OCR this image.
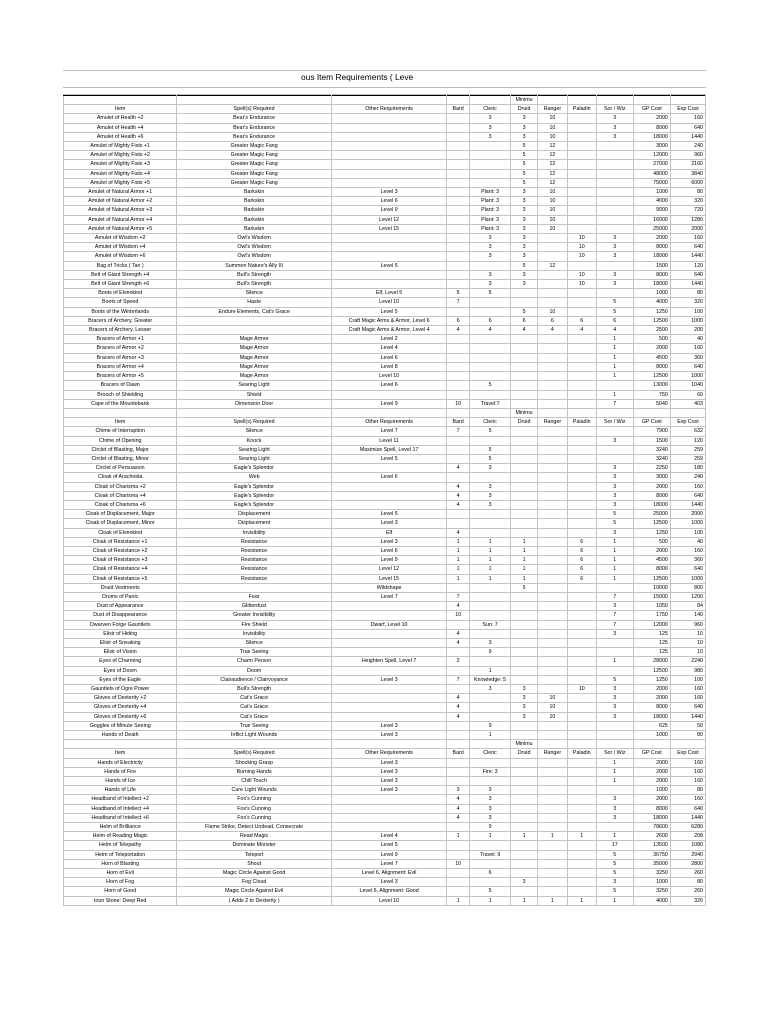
ous Item Requirements ( Leve
					Minimu					
Item	Spell(s) Required	Other Requirements	Bard	Cleric	Druid	Ranger	Paladin	Sor / Wiz	GP Cost	Exp Cost
Amulet of Health +2	Bear's Endurance			3	3	10		3	2000	160
Amulet of Health +4	Bear's Endurance			3	3	10		3	8000	640
Amulet of Health +6	Bear's Endurance			3	3	10		3	18000	1440
Amulet of Mighty Fists +1	Greater Magic Fang				5	12			3000	240
Amulet of Mighty Fists +2	Greater Magic Fang				5	12			12000	960
Amulet of Mighty Fists +3	Greater Magic Fang				5	12			27000	2160
Amulet of Mighty Fists +4	Greater Magic Fang				5	12			48000	3840
Amulet of Mighty Fists +5	Greater Magic Fang				5	12			75000	6000
Amulet of Natural Armor +1	Barkskin	Level 3		Plant: 3	3	10			1000	80
Amulet of Natural Armor +2	Barkskin	Level 6		Plant: 3	3	10			4000	320
Amulet of Natural Armor +3	Barkskin	Level 9		Plant: 3	3	10			9000	720
Amulet of Natural Armor +4	Barkskin	Level 12		Plant: 3	3	10			16000	1280
Amulet of Natural Armor +5	Barkskin	Level 15		Plant: 3	3	10			25000	2000
Amulet of Wisdom +2	Owl's Wisdom			3	3		10	3	2000	160
Amulet of Wisdom +4	Owl's Wisdom			3	3		10	3	8000	640
Amulet of Wisdom +6	Owl's Wisdom			3	3		10	3	18000	1440
Bag of Tricks ( Tan )	Summon Nature's Ally III	Level 5			5	12			1500	120
Belt of Giant Strength +4	Bull's Strength			3	3		10	3	8000	640
Belt of Giant Strength +6	Bull's Strength			3	3		10	3	18000	1440
Boots of Elvenkind	Silence	Elf, Level 5	5	5					1000	80
Boots of Speed	Haste	Level 10	7					5	4000	320
Boots of the Winterlands	Endure Elements, Cat's Grace	Level 5			5	10		5	1250	100
Bracers of Archery, Greater		Craft Magic Arms & Armor, Level 6	6	6	6	6	6	6	12500	1000
Bracers of Archery, Lesser		Craft Magic Arms & Armor, Level 4	4	4	4	4	4	4	2500	200
Bracers of Armor +1	Mage Armor	Level 2						1	500	40
Bracers of Armor +2	Mage Armor	Level 4						1	2000	160
Bracers of Armor +3	Mage Armor	Level 6						1	4500	360
Bracers of Armor +4	Mage Armor	Level 8						1	8000	640
Bracers of Armor +5	Mage Armor	Level 10						1	12500	1000
Bracers of Dawn	Searing Light	Level 6		5					13000	1040
Brooch of Shielding	Shield							1	750	60
Cape of the Mountebank	Dimension Door	Level 9	10	Travel:7				7	5040	403
					Minimu					
Item	Spell(s) Required	Other Requirements	Bard	Cleric	Druid	Ranger	Paladin	Sor / Wiz	GP Cost	Exp Cost
Chime of Interruption	Silence	Level 7	7	5					7900	632
Chime of Opening	Knock	Level 11						3	1500	120
Circlet of Blasting, Major	Searing Light	Maximize Spell, Level 17		5					3240	259
Circlet of Blasting, Minor	Searing Light	Level 5		5					3240	259
Circlet of Persuasion	Eagle's Splendor		4	3				3	2250	180
Cloak of Arachnida	Web	Level 6						3	3000	240
Cloak of Charisma +2	Eagle's Splendor		4	3				3	2000	160
Cloak of Charisma +4	Eagle's Splendor		4	3				3	8000	640
Cloak of Charisma +6	Eagle's Splendor		4	3				3	18000	1440
Cloak of Displacement, Major	Displacement	Level 5						5	25000	2000
Cloak of Displacement, Minor	Displacement	Level 3						5	12500	1000
Cloak of Elvenkind	Invisibility	Elf	4					3	1250	100
Cloak of Resistance +1	Resistance	Level 3	1	1	1		6	1	500	40
Cloak of Resistance +2	Resistance	Level 6	1	1	1		6	1	2000	160
Cloak of Resistance +3	Resistance	Level 9	1	1	1		6	1	4500	360
Cloak of Resistance +4	Resistance	Level 12	1	1	1		6	1	8000	640
Cloak of Resistance +5	Resistance	Level 15	1	1	1		6	1	12500	1000
Druid Vestments		Wildshape			5				10000	800
Drums of Panic	Fear	Level 7	7					7	15000	1200
Dust of Appearance	Glitterdust		4					3	1050	84
Dust of Disappearance	Greater Invisibility		10					7	1750	140
Dwarven Forge Gauntlets	Fire Shield	Dwarf, Level 10		Sun: 7				7	12000	960
Elixir of Hiding	Invisibility		4					3	125	10
Elixir of Sneaking	Silence		4	3					125	10
Elixir of Vision	True Seeing			9					125	10
Eyes of Charming	Charm Person	Heighten Spell, Level 7	2					1	28000	2240
Eyes of Doom	Doom			1					12500	980
Eyes of the Eagle	Clairaudience / Clairvoyance	Level 3	7	Knowledge: 5				5	1250	100
Gauntlets of Ogre Power	Bull's Strength			3	3		10	3	2000	160
Gloves of Dexterity +2	Cat's Grace		4		3	10		3	2000	160
Gloves of Dexterity +4	Cat's Grace		4		3	10		3	8000	640
Gloves of Dexterity +6	Cat's Grace		4		3	10		3	18000	1440
Goggles of Minute Seeing	True Seeing	Level 3		9					625	50
Hands of Death	Inflict Light Wounds	Level 3		1					1000	80
					Minimu					
Item	Spell(s) Required	Other Requirements	Bard	Cleric	Druid	Ranger	Paladin	Sor / Wiz	GP Cost	Exp Cost
Hands of Electricity	Shocking Grasp	Level 3						1	2000	160
Hands of Fire	Burning Hands	Level 3		Fire: 3				1	2000	160
Hands of Ice	Chill Touch	Level 3						1	2000	160
Hands of Life	Cure Light Wounds	Level 3	3	3					1000	80
Headband of Intellect +2	Fox's Cunning		4	3				3	2000	160
Headband of Intellect +4	Fox's Cunning		4	3				3	8000	640
Headband of Intellect +6	Fox's Cunning		4	3				3	18000	1440
Helm of Brilliance	Flame Strike, Detect Undead, Consecrate			9					78600	6280
Helm of Reading Magic	Read Magic	Level 4	1	1	1	1	1	1	2600	208
Helm of Telepathy	Dominate Monster	Level 5						17	13500	1080
Helm of Teleportation	Teleport	Level 9		Travel: 9				5	36750	2940
Horn of Blasting	Shout	Level 7	10					5	35000	2800
Horn of Evil	Magic Circle Against Good	Level 6, Alignment: Evil		6				5	3250	260
Horn of Fog	Fog Cloud	Level 3			3			3	1000	80
Horn of Good	Magic Circle Against Evil	Level 6, Alignment: Good		5				5	3250	260
Ioun Stone: Deep Red	( Adds 2 to Dexterity )	Level 10	1	1	1	1	1	1	4000	320
